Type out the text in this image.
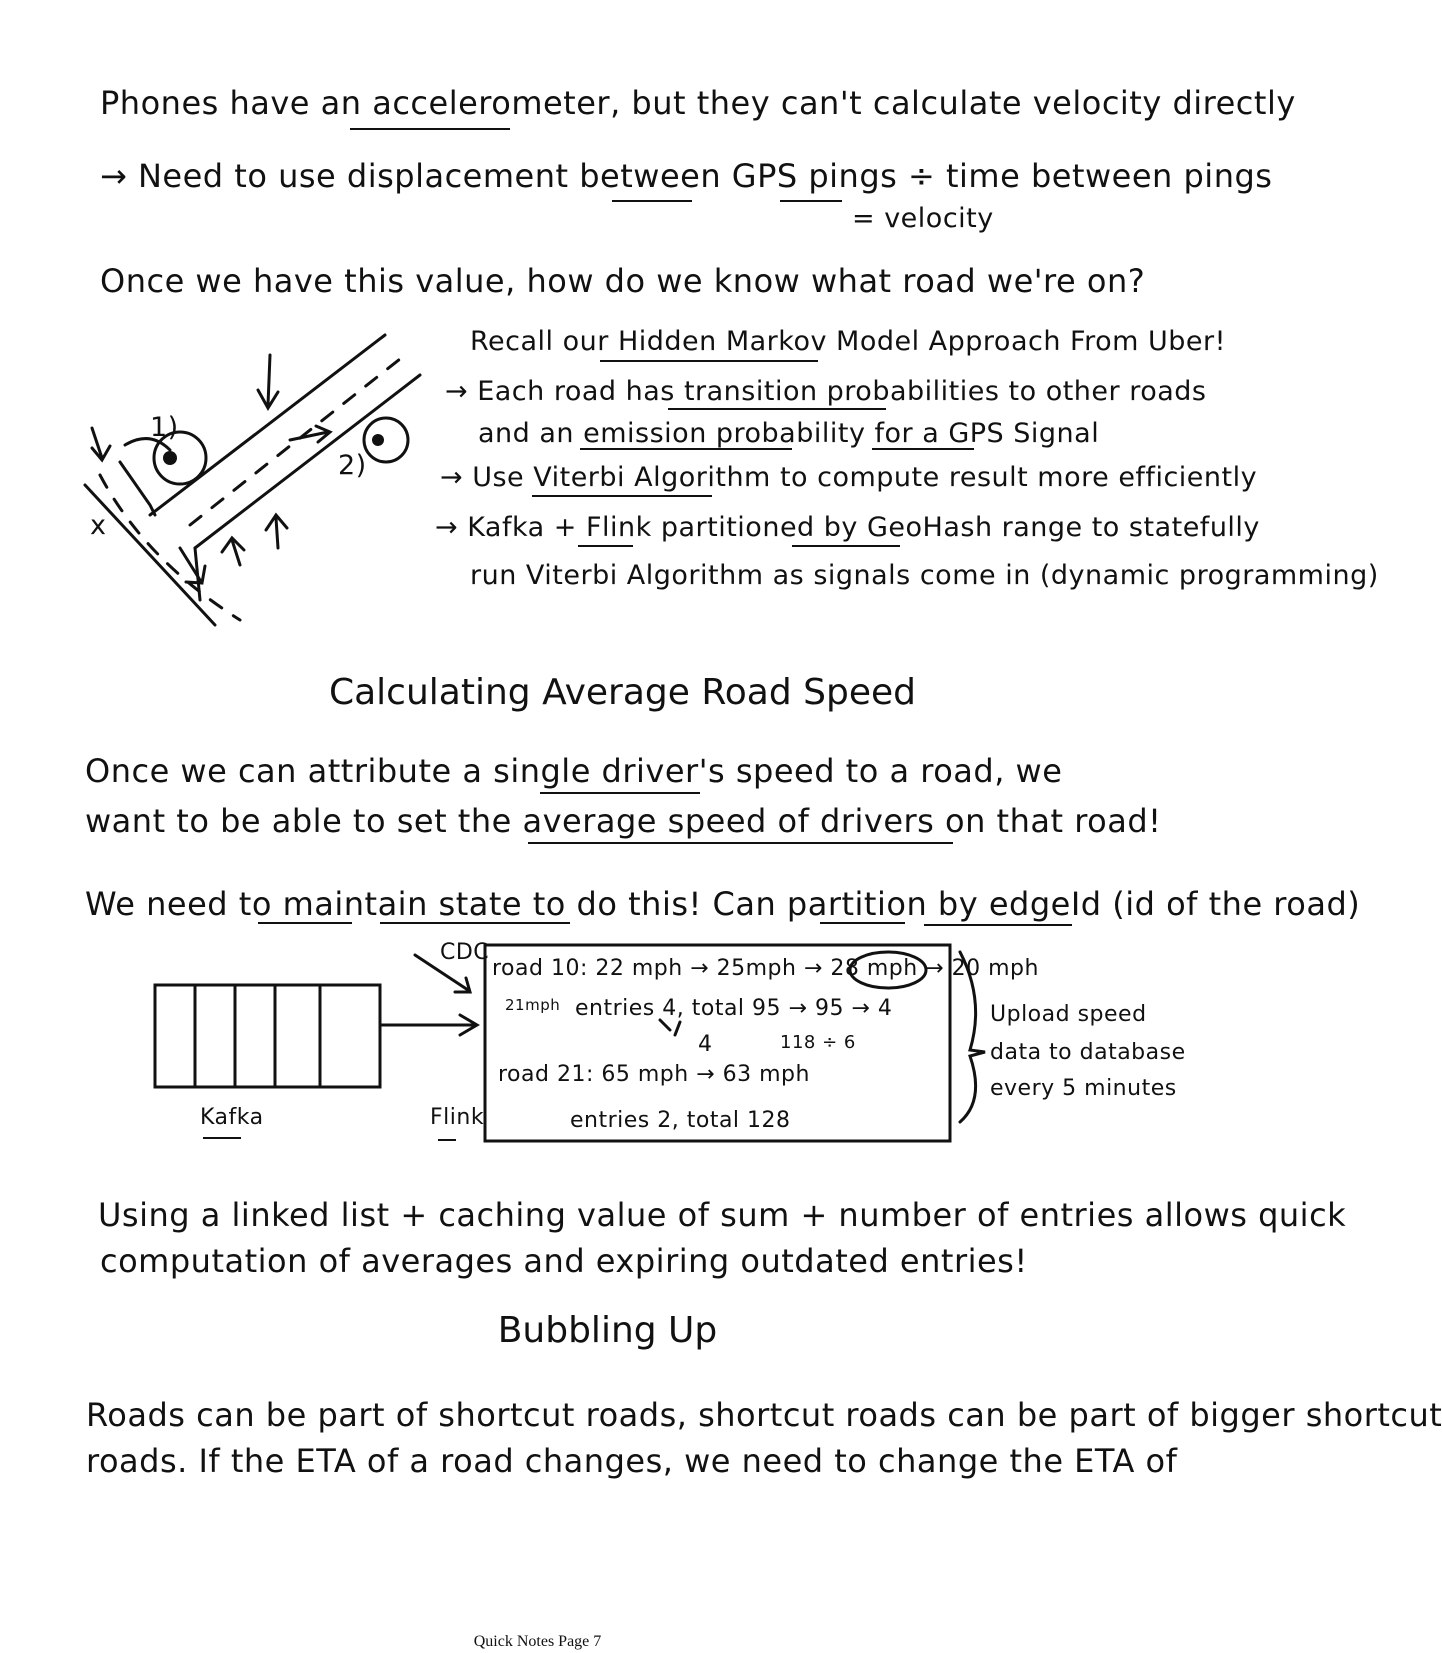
Phones have an accelerometer, but they can't calculate velocity directly
→ Need to use displacement between GPS pings ÷ time between pings
= velocity
Once we have this value, how do we know what road we're on?
1)
2)
x
Recall our Hidden Markov Model Approach From Uber!
→ Each road has transition probabilities to other roads
and an emission probability for a GPS Signal
→ Use Viterbi Algorithm to compute result more efficiently
→ Kafka + Flink partitioned by GeoHash range to statefully
run Viterbi Algorithm as signals come in (dynamic programming)
Calculating Average Road Speed
Once we can attribute a single driver's speed to a road, we
want to be able to set the average speed of drivers on that road!
We need to maintain state to do this! Can partition by edgeId (id of the road)
CDC
Kafka	Flink
road 10: 22 mph → 25mph → 28 mph → 20 mph
21mph entries 4, total 95 → 95 → 4
4	118 ÷ 6
road 21: 65 mph → 63 mph
entries 2, total 128
Upload speed
data to database
every 5 minutes
Using a linked list + caching value of sum + number of entries allows quick
computation of averages and expiring outdated entries!
Bubbling Up
Roads can be part of shortcut roads, shortcut roads can be part of bigger shortcut
roads. If the ETA of a road changes, we need to change the ETA of
Quick Notes Page 7
